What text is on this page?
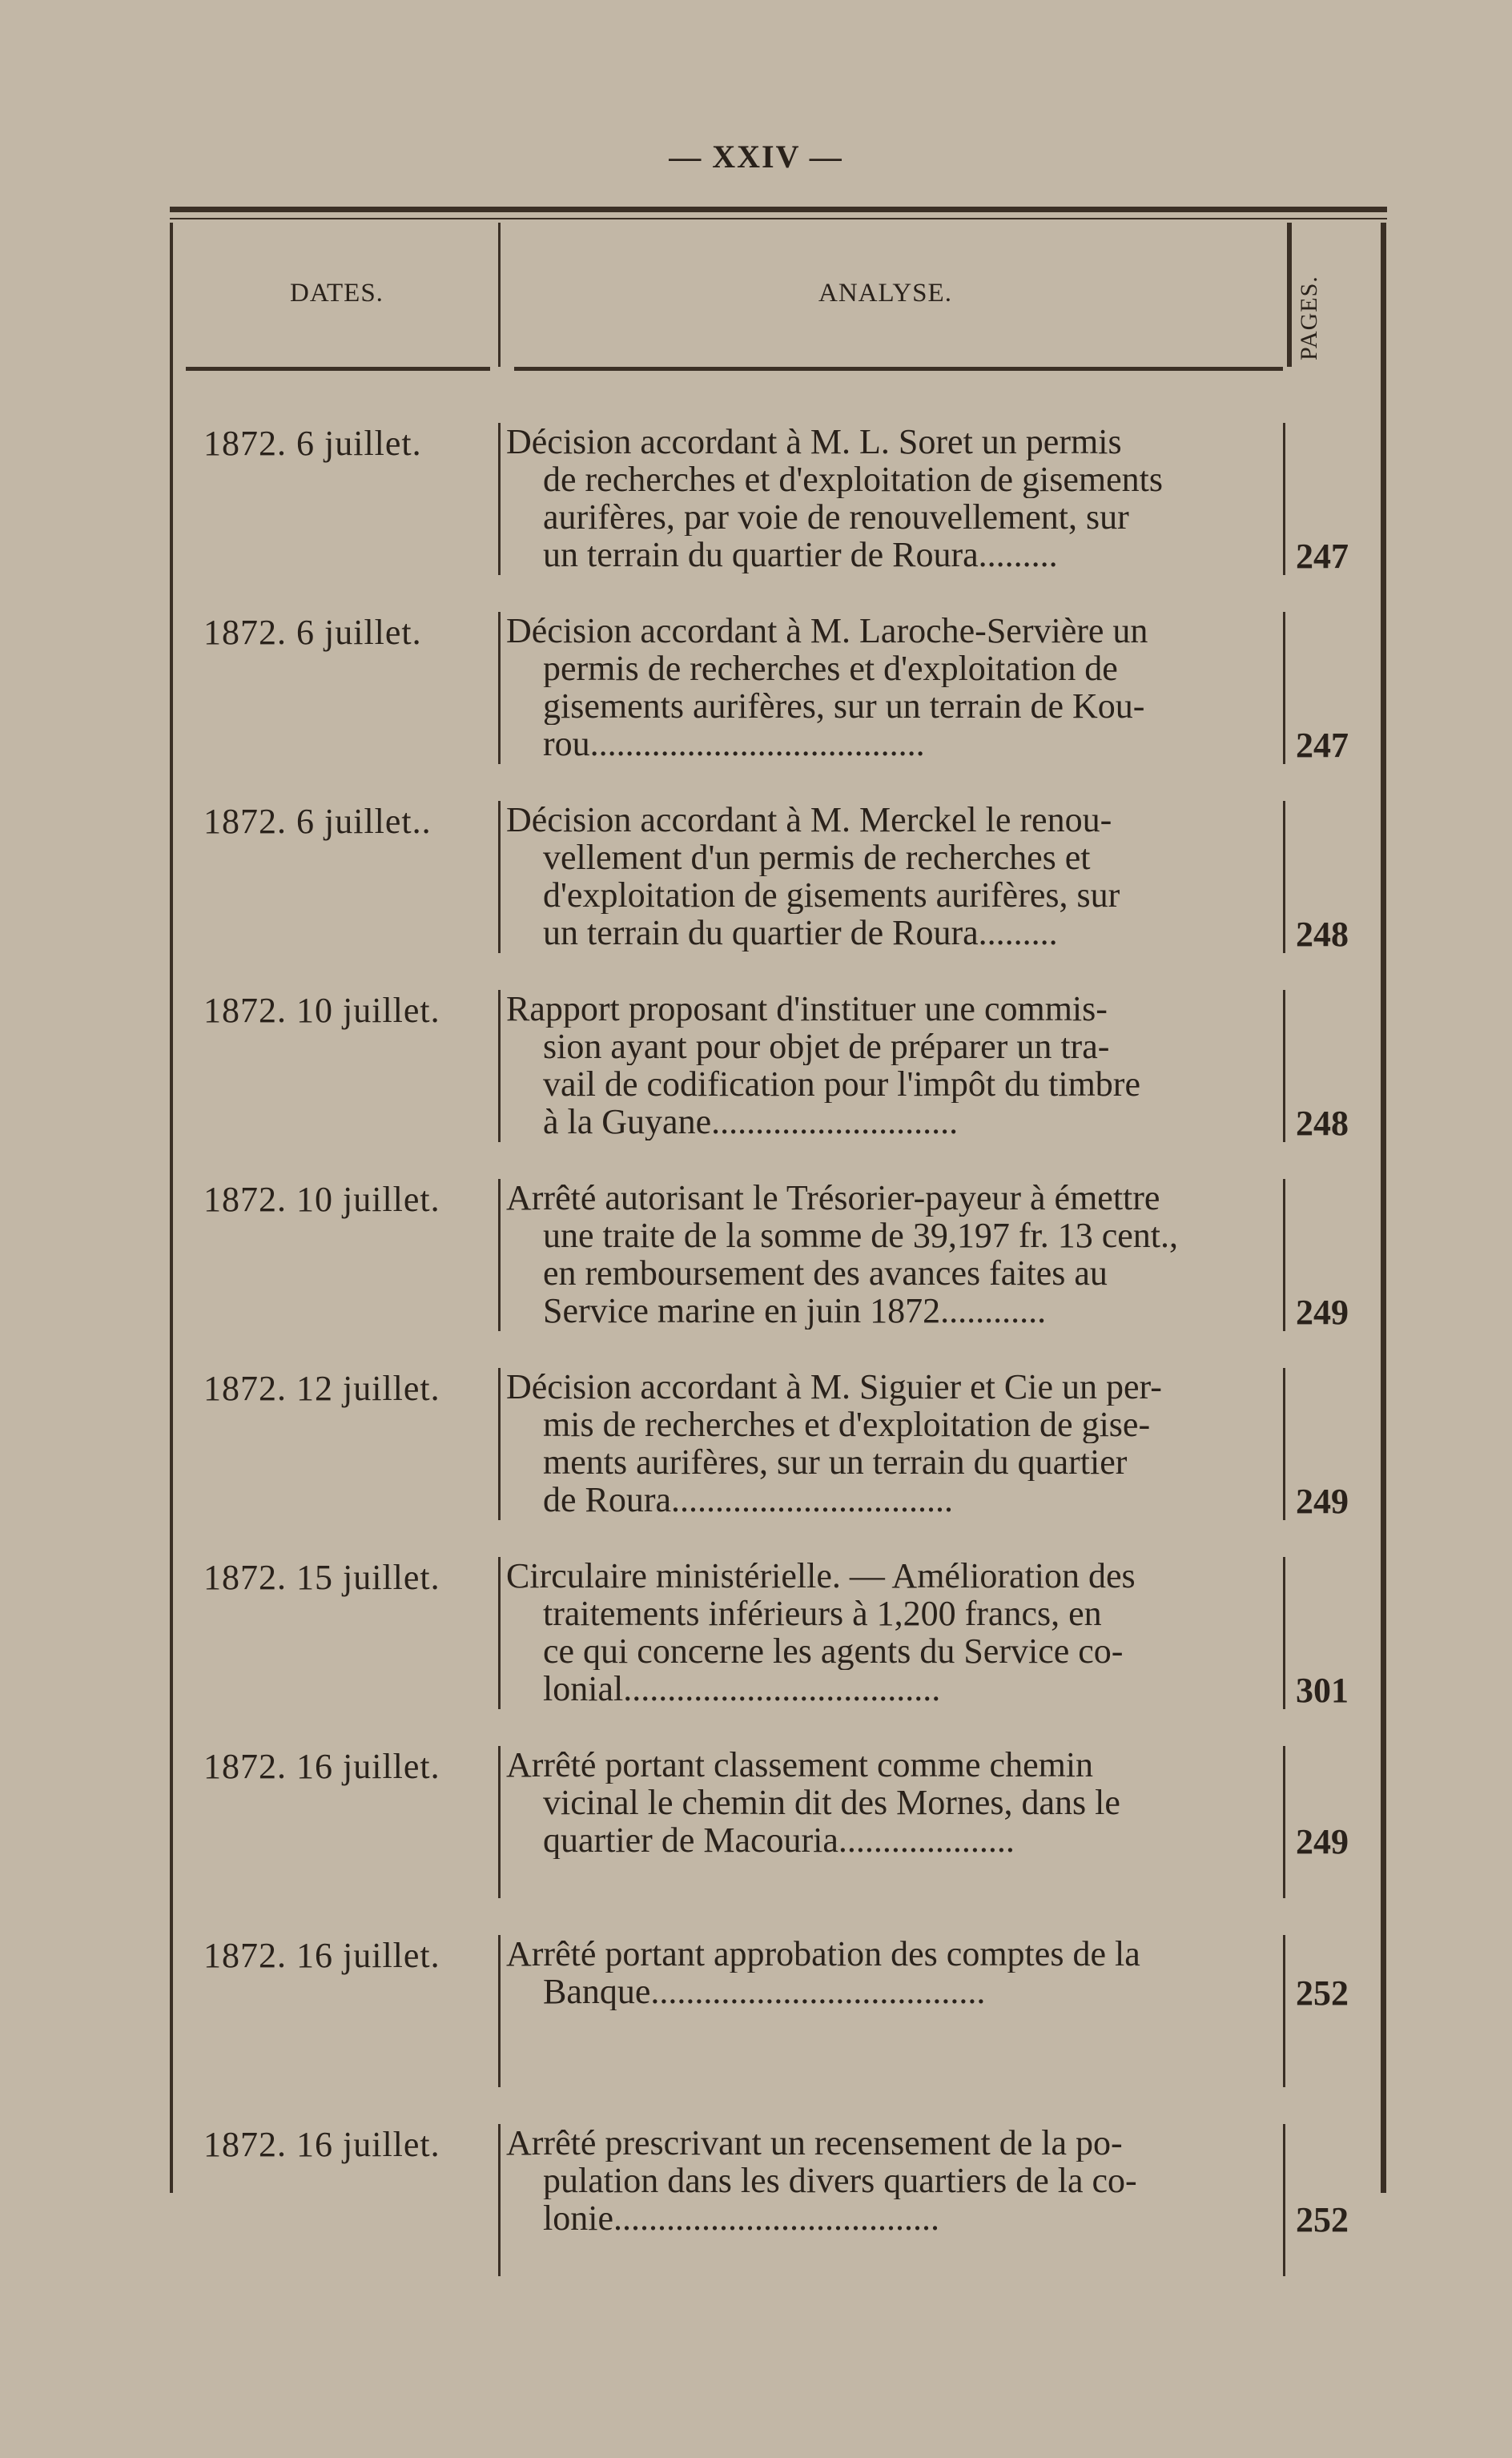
— XXIV —
DATES.	ANALYSE.	PAGES.
1872. 6 juillet. Décision accordant à M. L. Soret un permis
de recherches et d'exploitation de gisements
aurifères, par voie de renouvellement, sur
un terrain du quartier de Roura.........	247
1872. 6 juillet. Décision accordant à M. Laroche-Servière un
permis de recherches et d'exploitation de
gisements aurifères, sur un terrain de Kou-
rou......................................	247
1872. 6 juillet.. Décision accordant à M. Merckel le renou-
vellement d'un permis de recherches et
d'exploitation de gisements aurifères, sur
un terrain du quartier de Roura.........	248
1872. 10 juillet. Rapport proposant d'instituer une commis-
sion ayant pour objet de préparer un tra-
vail de codification pour l'impôt du timbre
à la Guyane............................	248
1872. 10 juillet. Arrêté autorisant le Trésorier-payeur à émettre
une traite de la somme de 39,197 fr. 13 cent.,
en remboursement des avances faites au
Service marine en juin 1872............	249
1872. 12 juillet. Décision accordant à M. Siguier et Cie un per-
mis de recherches et d'exploitation de gise-
ments aurifères, sur un terrain du quartier
de Roura................................	249
1872. 15 juillet. Circulaire ministérielle. — Amélioration des
traitements inférieurs à 1,200 francs, en
ce qui concerne les agents du Service co-
lonial....................................	301
1872. 16 juillet. Arrêté portant classement comme chemin
vicinal le chemin dit des Mornes, dans le
quartier de Macouria....................	249
1872. 16 juillet. Arrêté portant approbation des comptes de la
Banque......................................	252
1872. 16 juillet. Arrêté prescrivant un recensement de la po-
pulation dans les divers quartiers de la co-
lonie.....................................	252
